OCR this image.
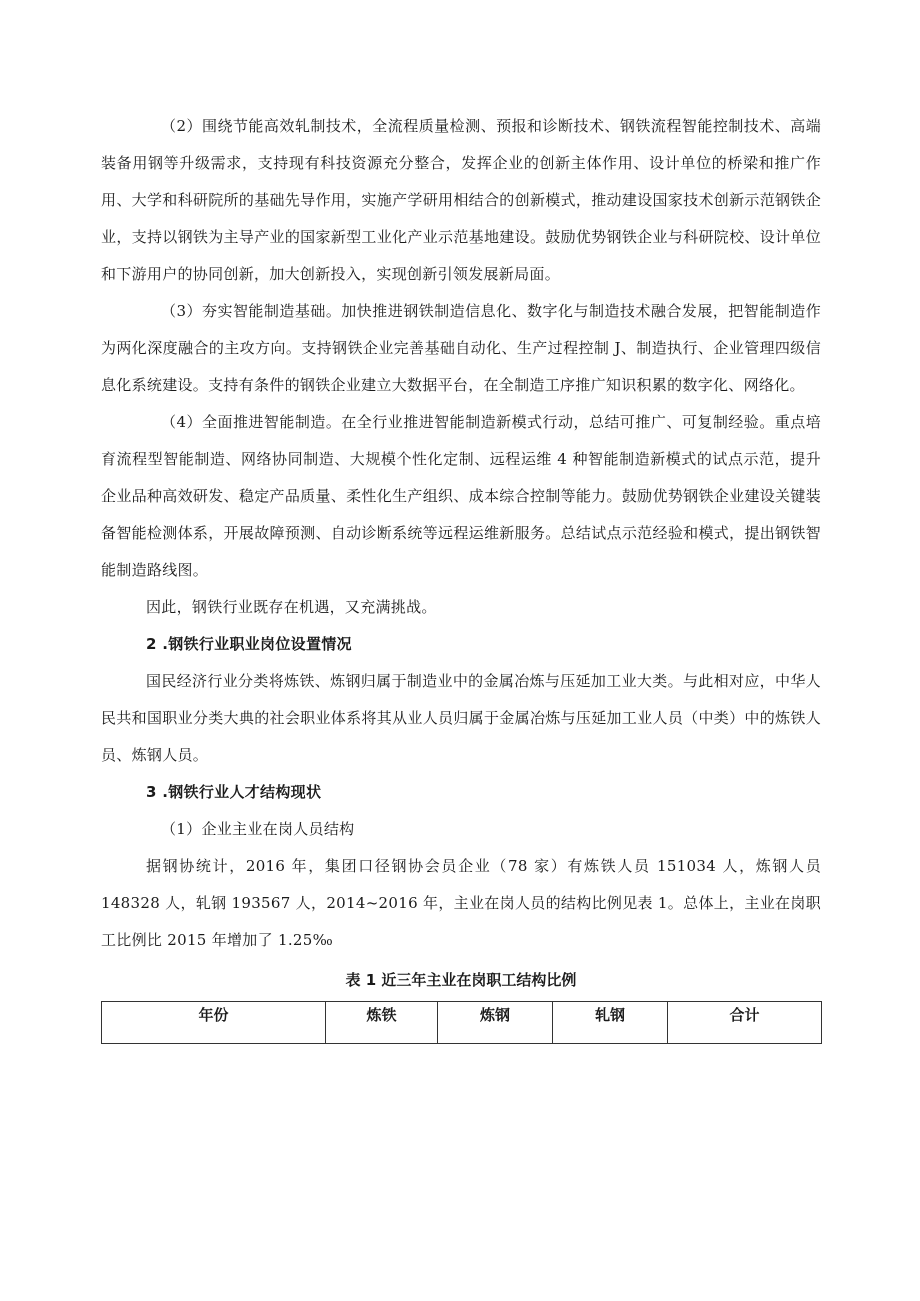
（2）围绕节能高效轧制技术，全流程质量检测、预报和诊断技术、钢铁流程智能控制技术、高端装备用钢等升级需求，支持现有科技资源充分整合，发挥企业的创新主体作用、设计单位的桥梁和推广作用、大学和科研院所的基础先导作用，实施产学研用相结合的创新模式，推动建设国家技术创新示范钢铁企业，支持以钢铁为主导产业的国家新型工业化产业示范基地建设。鼓励优势钢铁企业与科研院校、设计单位和下游用户的协同创新，加大创新投入，实现创新引领发展新局面。

（3）夯实智能制造基础。加快推进钢铁制造信息化、数字化与制造技术融合发展，把智能制造作为两化深度融合的主攻方向。支持钢铁企业完善基础自动化、生产过程控制 J、制造执行、企业管理四级信息化系统建设。支持有条件的钢铁企业建立大数据平台，在全制造工序推广知识积累的数字化、网络化。

（4）全面推进智能制造。在全行业推进智能制造新模式行动，总结可推广、可复制经验。重点培育流程型智能制造、网络协同制造、大规模个性化定制、远程运维 4 种智能制造新模式的试点示范，提升企业品种高效研发、稳定产品质量、柔性化生产组织、成本综合控制等能力。鼓励优势钢铁企业建设关键装备智能检测体系，开展故障预测、自动诊断系统等远程运维新服务。总结试点示范经验和模式，提出钢铁智能制造路线图。

因此，钢铁行业既存在机遇，又充满挑战。

2 .钢铁行业职业岗位设置情况

国民经济行业分类将炼铁、炼钢归属于制造业中的金属冶炼与压延加工业大类。与此相对应，中华人民共和国职业分类大典的社会职业体系将其从业人员归属于金属冶炼与压延加工业人员（中类）中的炼铁人员、炼钢人员。

3 .钢铁行业人才结构现状

（1）企业主业在岗人员结构

据钢协统计，2016 年，集团口径钢协会员企业（78 家）有炼铁人员 151034 人，炼钢人员148328 人，轧钢 193567 人，2014~2016 年，主业在岗人员的结构比例见表 1。总体上，主业在岗职工比例比 2015 年增加了 1.25‰

表 1 近三年主业在岗职工结构比例
年份	炼铁	炼钢	轧钢	合计
